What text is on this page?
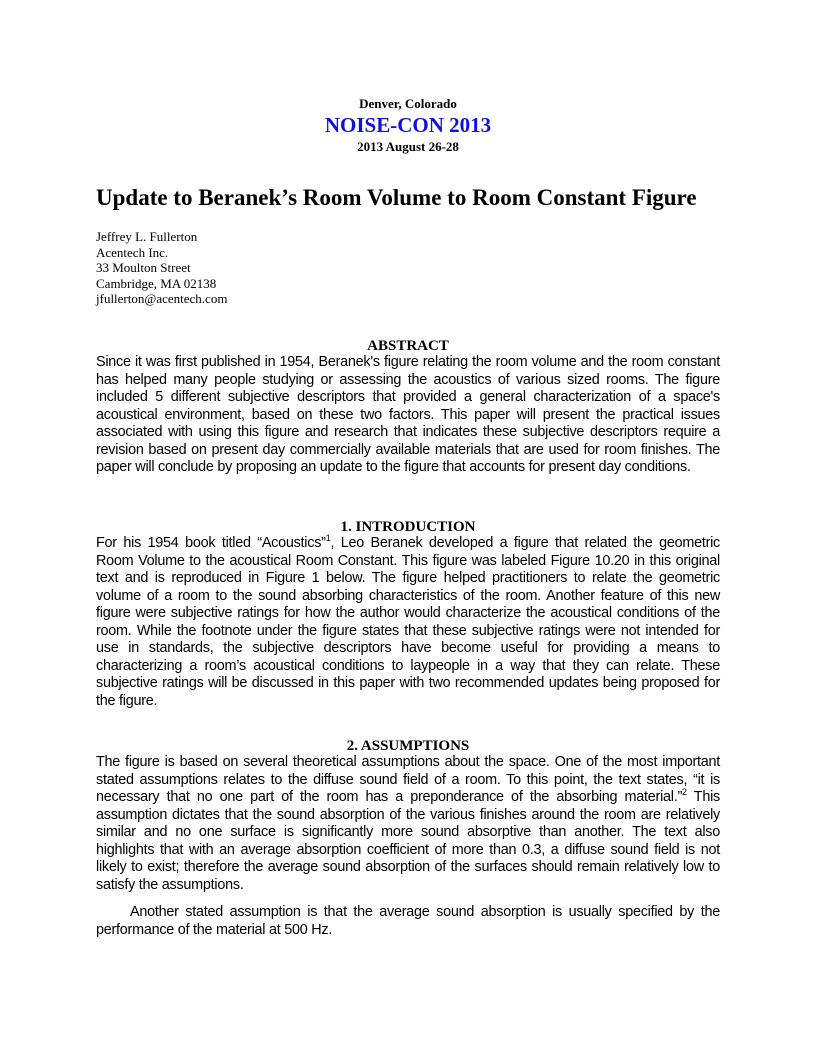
Denver, Colorado
NOISE-CON 2013
2013 August 26-28
Update to Beranek’s Room Volume to Room Constant Figure
Jeffrey L. Fullerton
Acentech Inc.
33 Moulton Street
Cambridge, MA 02138
jfullerton@acentech.com
ABSTRACT

Since it was first published in 1954, Beranek's figure relating the room volume and the room constant has helped many people studying or assessing the acoustics of various sized rooms. The figure included 5 different subjective descriptors that provided a general characterization of a space's acoustical environment, based on these two factors. This paper will present the practical issues associated with using this figure and research that indicates these subjective descriptors require a revision based on present day commercially available materials that are used for room finishes. The paper will conclude by proposing an update to the figure that accounts for present day conditions.

1. INTRODUCTION

For his 1954 book titled “Acoustics”$^1$, Leo Beranek developed a figure that related the geometric Room Volume to the acoustical Room Constant. This figure was labeled Figure 10.20 in this original text and is reproduced in Figure 1 below. The figure helped practitioners to relate the geometric volume of a room to the sound absorbing characteristics of the room. Another feature of this new figure were subjective ratings for how the author would characterize the acoustical conditions of the room. While the footnote under the figure states that these subjective ratings were not intended for use in standards, the subjective descriptors have become useful for providing a means to characterizing a room’s acoustical conditions to laypeople in a way that they can relate. These subjective ratings will be discussed in this paper with two recommended updates being proposed for the figure.

2. ASSUMPTIONS

The figure is based on several theoretical assumptions about the space. One of the most important stated assumptions relates to the diffuse sound field of a room. To this point, the text states, “it is necessary that no one part of the room has a preponderance of the absorbing material.”$^2$ This assumption dictates that the sound absorption of the various finishes around the room are relatively similar and no one surface is significantly more sound absorptive than another. The text also highlights that with an average absorption coefficient of more than 0.3, a diffuse sound field is not likely to exist; therefore the average sound absorption of the surfaces should remain relatively low to satisfy the assumptions.

Another stated assumption is that the average sound absorption is usually specified by the performance of the material at 500 Hz.
